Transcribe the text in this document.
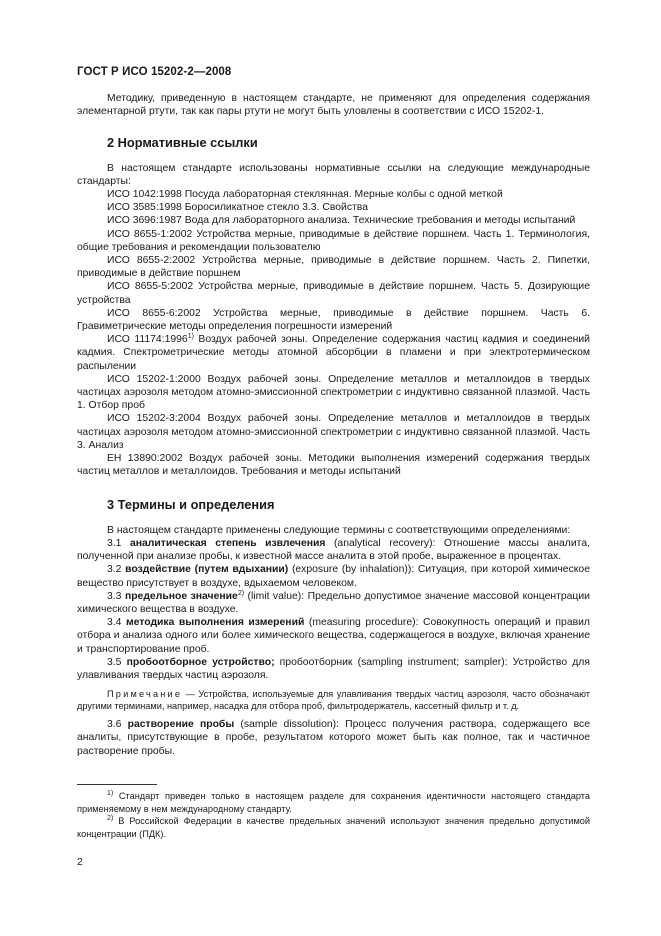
ГОСТ Р ИСО 15202-2—2008

Методику, приведенную в настоящем стандарте, не применяют для определения содержания элементарной ртути, так как пары ртути не могут быть уловлены в соответствии с ИСО 15202-1.

2 Нормативные ссылки

В настоящем стандарте использованы нормативные ссылки на следующие международные стандарты:

ИСО 1042:1998 Посуда лабораторная стеклянная. Мерные колбы с одной меткой

ИСО 3585:1998 Боросиликатное стекло 3.3. Свойства

ИСО 3696:1987 Вода для лабораторного анализа. Технические требования и методы испытаний

ИСО 8655-1:2002 Устройства мерные, приводимые в действие поршнем. Часть 1. Терминология, общие требования и рекомендации пользователю

ИСО 8655-2:2002 Устройства мерные, приводимые в действие поршнем. Часть 2. Пипетки, приводимые в действие поршнем

ИСО 8655-5:2002 Устройства мерные, приводимые в действие поршнем. Часть 5. Дозирующие устройства

ИСО 8655-6:2002 Устройства мерные, приводимые в действие поршнем. Часть 6. Гравиметрические методы определения погрешности измерений

ИСО 11174:1996$^{1)}$ Воздух рабочей зоны. Определение содержания частиц кадмия и соединений кадмия. Спектрометрические методы атомной абсорбции в пламени и при электротермическом распылении

ИСО 15202-1:2000 Воздух рабочей зоны. Определение металлов и металлоидов в твердых частицах аэрозоля методом атомно-эмиссионной спектрометрии с индуктивно связанной плазмой. Часть 1. Отбор проб

ИСО 15202-3:2004 Воздух рабочей зоны. Определение металлов и металлоидов в твердых частицах аэрозоля методом атомно-эмиссионной спектрометрии с индуктивно связанной плазмой. Часть 3. Анализ

ЕН 13890:2002 Воздух рабочей зоны. Методики выполнения измерений содержания твердых частиц металлов и металлоидов. Требования и методы испытаний

3 Термины и определения

В настоящем стандарте применены следующие термины с соответствующими определениями:

3.1 аналитическая степень извлечения (analytical recovery): Отношение массы аналита, полученной при анализе пробы, к известной массе аналита в этой пробе, выраженное в процентах.

3.2 воздействие (путем вдыхании) (exposure (by inhalation)): Ситуация, при которой химическое вещество присутствует в воздухе, вдыхаемом человеком.

3.3 предельное значение$^{2)}$ (limit value): Предельно допустимое значение массовой концентрации химического вещества в воздухе.

3.4 методика выполнения измерений (measuring procedure): Совокупность операций и правил отбора и анализа одного или более химического вещества, содержащегося в воздухе, включая хранение и транспортирование проб.

3.5 пробоотборное устройство; пробоотборник (sampling instrument; sampler): Устройство для улавливания твердых частиц аэрозоля.

Примечание — Устройства, используемые для улавливания твердых частиц аэрозоля, часто обозначают другими терминами, например, насадка для отбора проб, фильтродержатель, кассетный фильтр и т. д.

3.6 растворение пробы (sample dissolution): Процесс получения раствора, содержащего все аналиты, присутствующие в пробе, результатом которого может быть как полное, так и частичное растворение пробы.

$^{1)}$ Стандарт приведен только в настоящем разделе для сохранения идентичности настоящего стандарта применяемому в нем международному стандарту.

$^{2)}$ В Российской Федерации в качестве предельных значений используют значения предельно допустимой концентрации (ПДК).

2
